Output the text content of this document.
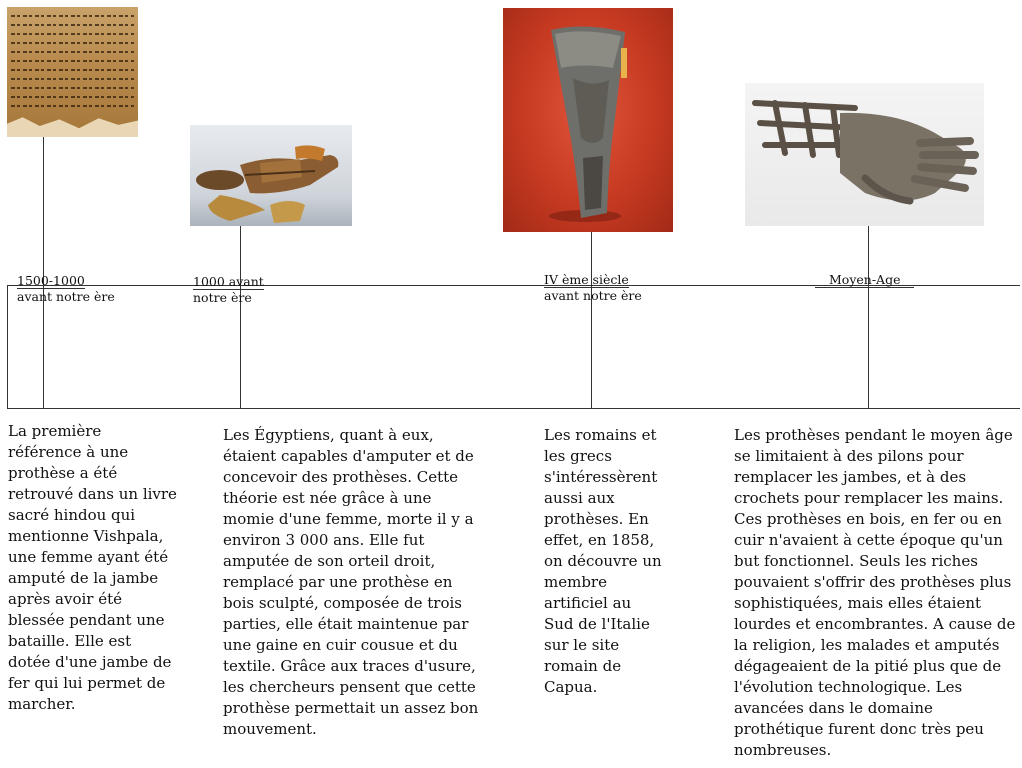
1500-1000
avant notre ère
1000 avant
notre ère
IV ème siècle
avant notre ère
Moyen-Age
La première référence à une prothèse a été retrouvé dans un livre sacré hindou qui mentionne Vishpala, une femme ayant été amputé de la jambe après avoir été blessée pendant une bataille. Elle est dotée d'une jambe de fer qui lui permet de marcher.
Les Égyptiens, quant à eux, étaient capables d'amputer et de concevoir des prothèses. Cette théorie est née grâce à une momie d'une femme, morte il y a environ 3 000 ans. Elle fut amputée de son orteil droit, remplacé par une prothèse en bois sculpté, composée de trois parties, elle était maintenue par une gaine en cuir cousue et du textile. Grâce aux traces d'usure, les chercheurs pensent que cette prothèse permettait un assez bon mouvement.
Les romains et les grecs s'intéressèrent aussi aux prothèses. En effet, en 1858, on découvre un membre artificiel au Sud de l'Italie sur le site romain de Capua.
Les prothèses pendant le moyen âge se limitaient à des pilons pour remplacer les jambes, et à des crochets pour remplacer les mains. Ces prothèses en bois, en fer ou en cuir n'avaient à cette époque qu'un but fonctionnel. Seuls les riches pouvaient s'offrir des prothèses plus sophistiquées, mais elles étaient lourdes et encombrantes. A cause de la religion, les malades et amputés dégageaient de la pitié plus que de l'évolution technologique. Les avancées dans le domaine prothétique furent donc très peu nombreuses.
